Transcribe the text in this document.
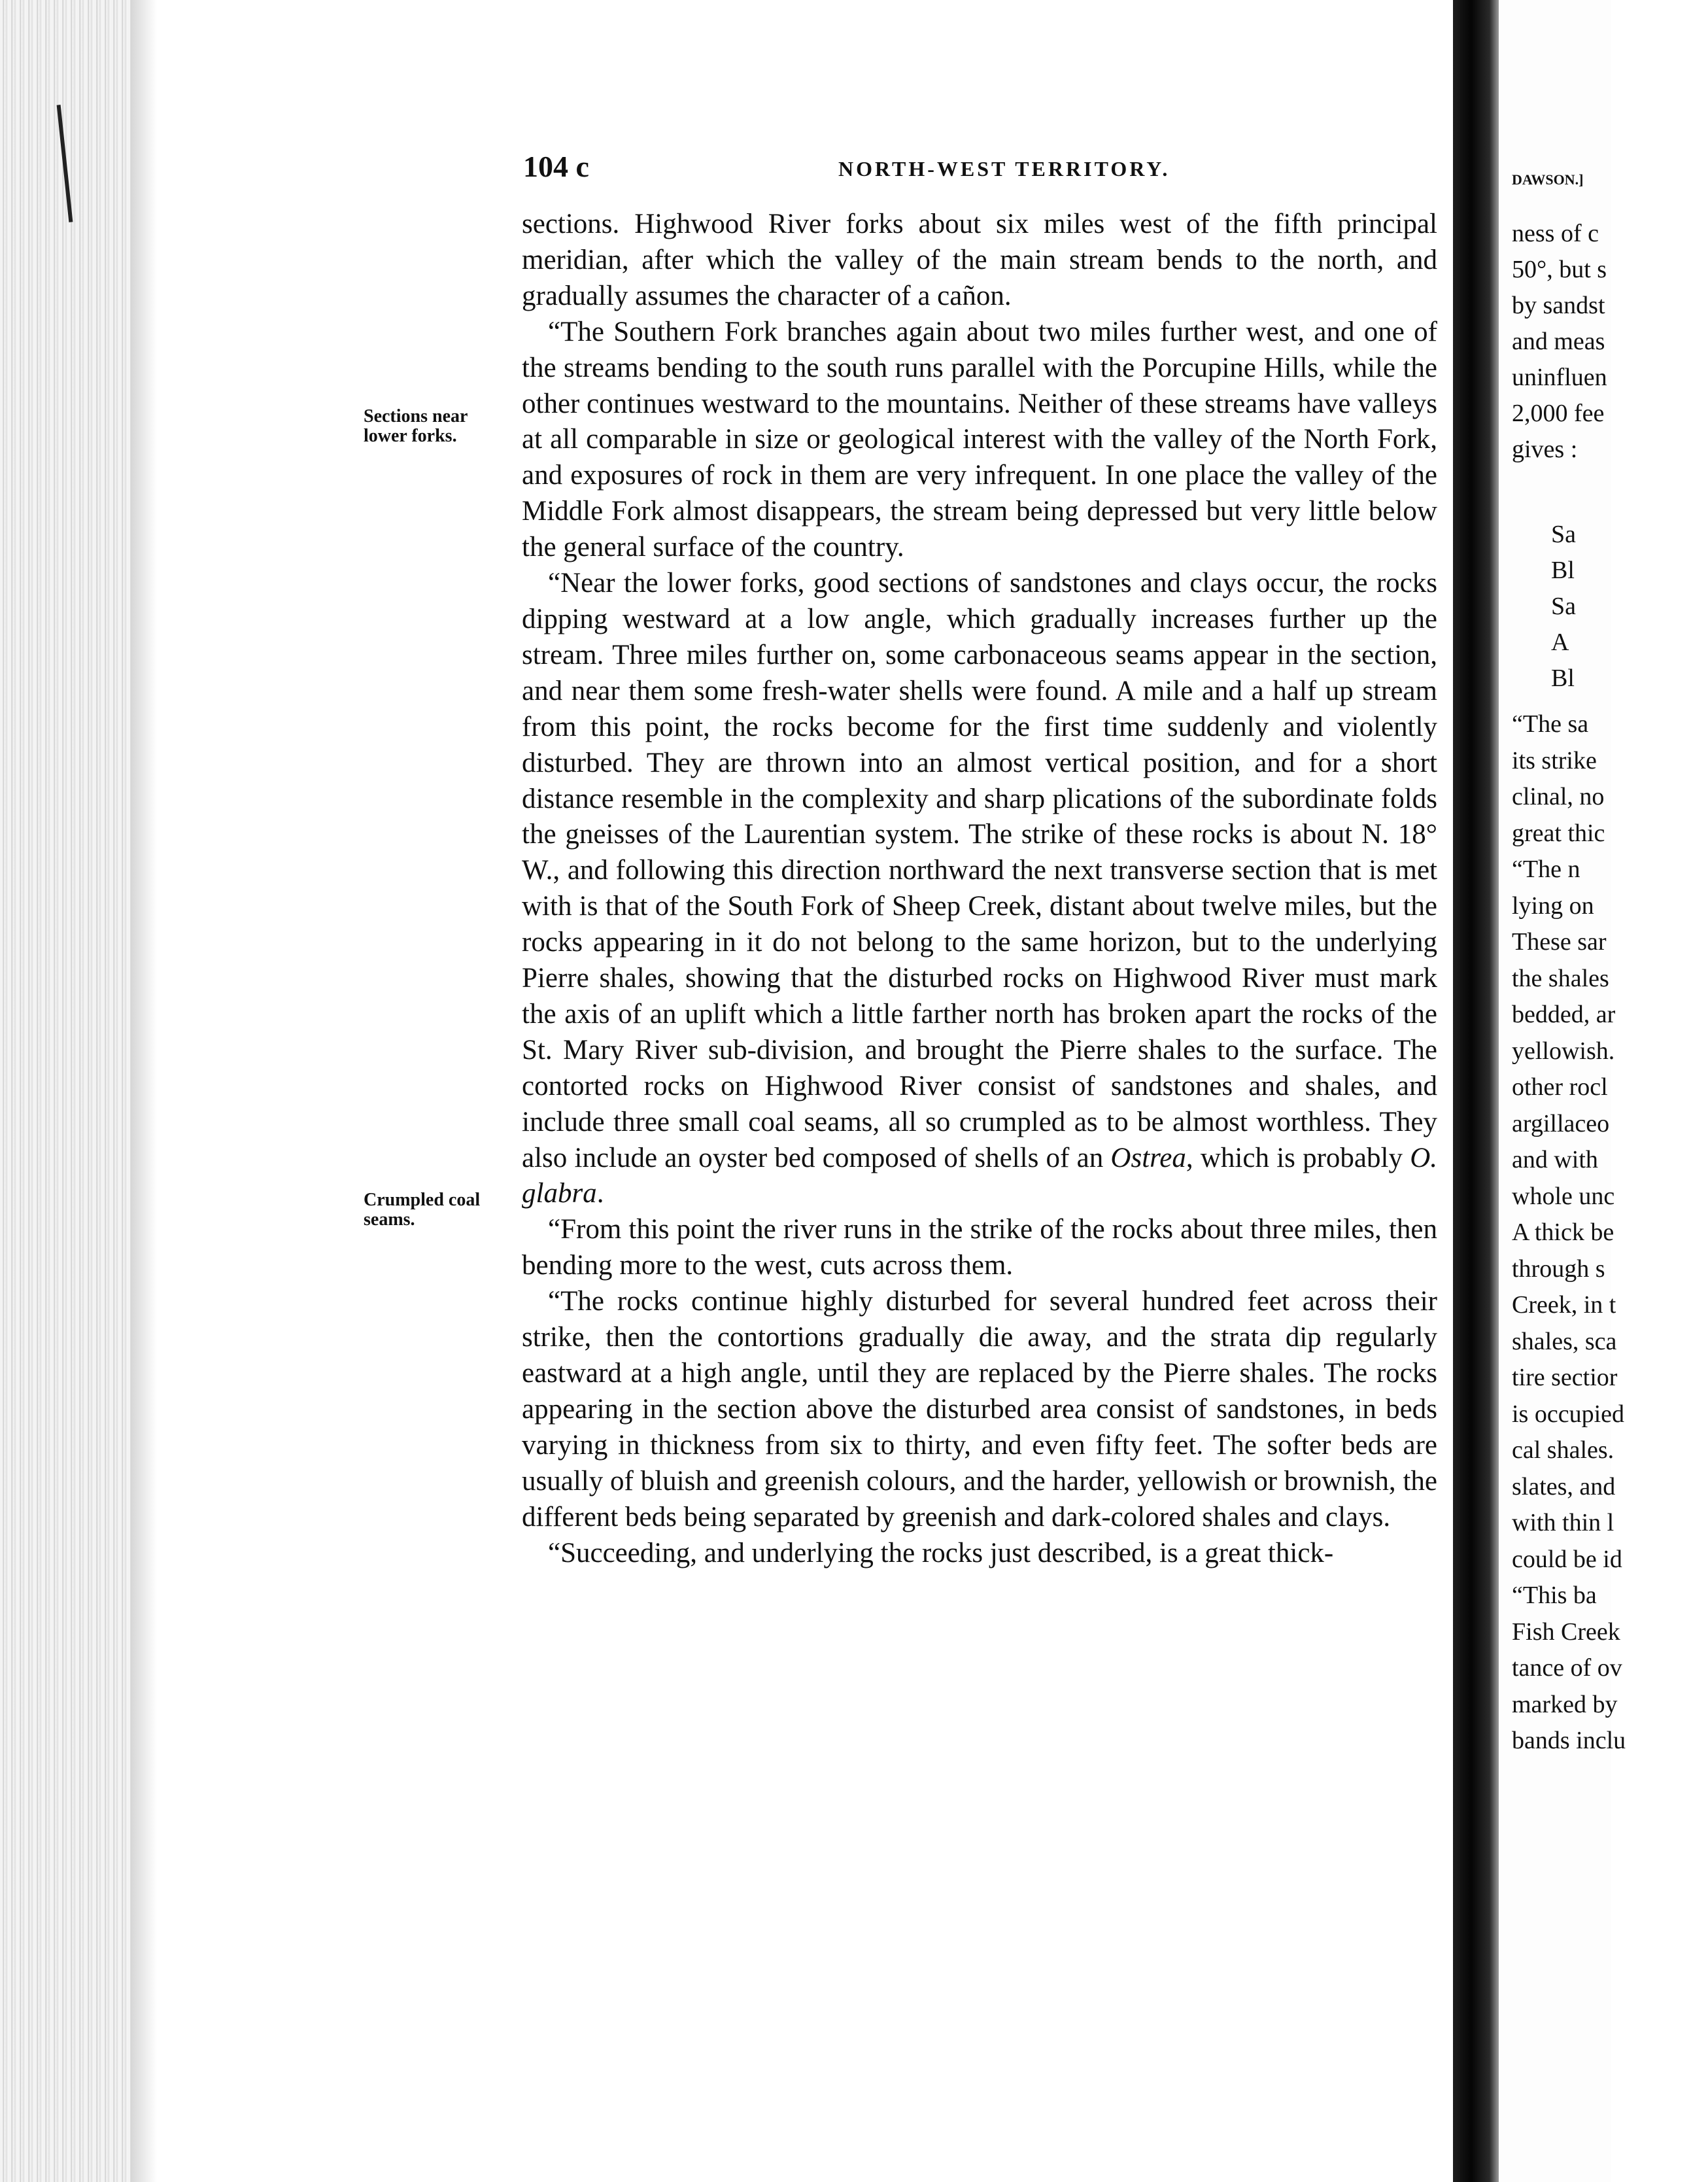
104 c	NORTH-WEST TERRITORY.
Sections near lower forks.
Crumpled coal seams.

sections. Highwood River forks about six miles west of the fifth principal meridian, after which the valley of the main stream bends to the north, and gradually assumes the character of a cañon.

“The Southern Fork branches again about two miles further west, and one of the streams bending to the south runs parallel with the Porcupine Hills, while the other continues westward to the mountains. Neither of these streams have valleys at all comparable in size or geological interest with the valley of the North Fork, and exposures of rock in them are very infrequent. In one place the valley of the Middle Fork almost disappears, the stream being depressed but very little below the general surface of the country.

“Near the lower forks, good sections of sandstones and clays occur, the rocks dipping westward at a low angle, which gradually increases further up the stream. Three miles further on, some carbonaceous seams appear in the section, and near them some fresh-water shells were found. A mile and a half up stream from this point, the rocks become for the first time suddenly and violently disturbed. They are thrown into an almost vertical position, and for a short distance resemble in the complexity and sharp plications of the subordinate folds the gneisses of the Laurentian system. The strike of these rocks is about N. 18° W., and following this direction northward the next transverse section that is met with is that of the South Fork of Sheep Creek, distant about twelve miles, but the rocks appearing in it do not belong to the same horizon, but to the underlying Pierre shales, showing that the disturbed rocks on Highwood River must mark the axis of an uplift which a little farther north has broken apart the rocks of the St. Mary River sub-division, and brought the Pierre shales to the surface. The contorted rocks on Highwood River consist of sandstones and shales, and include three small coal seams, all so crumpled as to be almost worthless. They also include an oyster bed composed of shells of an Ostrea, which is probably O. glabra.

“From this point the river runs in the strike of the rocks about three miles, then bending more to the west, cuts across them.

“The rocks continue highly disturbed for several hundred feet across their strike, then the contortions gradually die away, and the strata dip regularly eastward at a high angle, until they are replaced by the Pierre shales. The rocks appearing in the section above the disturbed area consist of sandstones, in beds varying in thickness from six to thirty, and even fifty feet. The softer beds are usually of bluish and greenish colours, and the harder, yellowish or brownish, the different beds being separated by greenish and dark-colored shales and clays.

“Succeeding, and underlying the rocks just described, is a great thick-

DAWSON.]
ness of c
50°, but s
by sandst
and meas
uninfluen
2,000 fee
gives :
Sa
Bl
Sa
A
Bl
“The sa
its strike
clinal, no
great thic
“The n
lying on
These sar
the shales
bedded, ar
yellowish.
other rocl
argillaceo
and with
whole unc
A thick be
through s
Creek, in t
shales, sca
tire sectior
is occupied
cal shales.
slates, and
with thin l
could be id
“This ba
Fish Creek
tance of ov
marked by
bands inclu
